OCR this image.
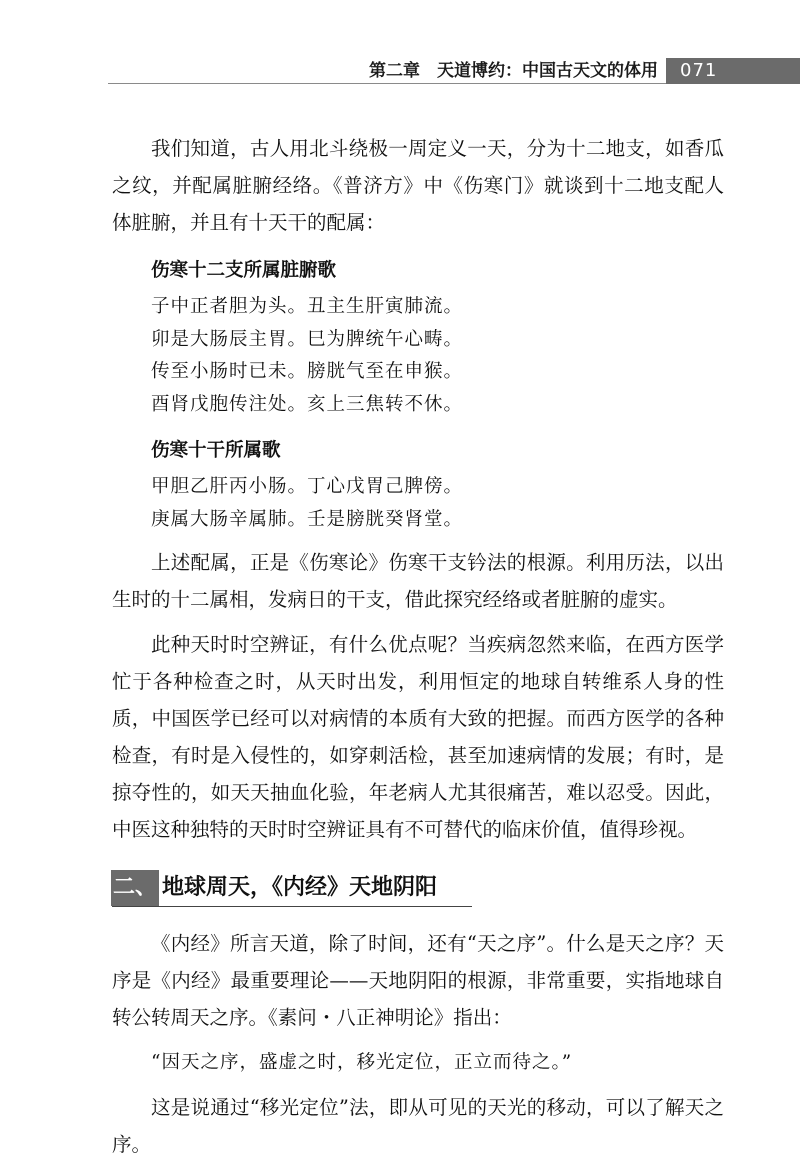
第二章　天道博约：中国古天文的体用 071

我们知道，古人用北斗绕极一周定义一天，分为十二地支，如香瓜之纹，并配属脏腑经络。《普济方》中《伤寒门》就谈到十二地支配人体脏腑，并且有十天干的配属：

伤寒十二支所属脏腑歌
子中正者胆为头。丑主生肝寅肺流。
卯是大肠辰主胃。巳为脾统午心畴。
传至小肠时已未。膀胱气至在申猴。
酉肾戊胞传注处。亥上三焦转不休。
伤寒十干所属歌
甲胆乙肝丙小肠。丁心戊胃己脾傍。
庚属大肠辛属肺。壬是膀胱癸肾堂。

上述配属，正是《伤寒论》伤寒干支钤法的根源。利用历法，以出生时的十二属相，发病日的干支，借此探究经络或者脏腑的虚实。

此种天时时空辨证，有什么优点呢？当疾病忽然来临，在西方医学忙于各种检查之时，从天时出发，利用恒定的地球自转维系人身的性质，中国医学已经可以对病情的本质有大致的把握。而西方医学的各种检查，有时是入侵性的，如穿刺活检，甚至加速病情的发展；有时，是掠夺性的，如天天抽血化验，年老病人尤其很痛苦，难以忍受。因此，中医这种独特的天时时空辨证具有不可替代的临床价值，值得珍视。

二、 地球周天，《内经》天地阴阳

《内经》所言天道，除了时间，还有“天之序”。什么是天之序？天序是《内经》最重要理论——天地阴阳的根源，非常重要，实指地球自转公转周天之序。《素问・八正神明论》指出：

“因天之序，盛虚之时，移光定位，正立而待之。”

这是说通过“移光定位”法，即从可见的天光的移动，可以了解天之序。
